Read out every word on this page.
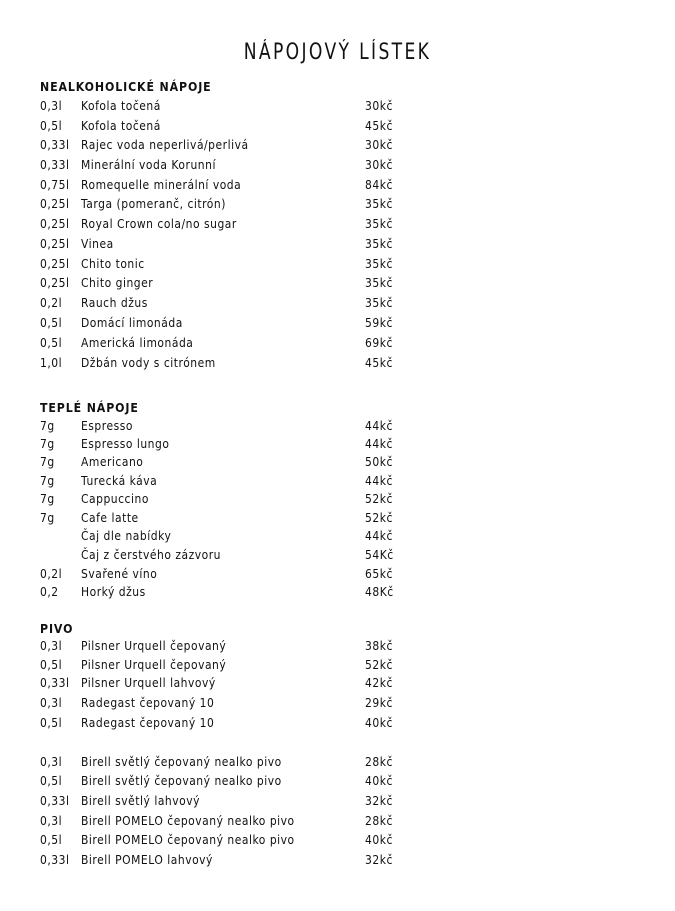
NÁPOJOVÝ LÍSTEK
NEALKOHOLICKÉ NÁPOJE
0,3l Kofola točená	30kč
0,5l Kofola točená	45kč
0,33l Rajec voda neperlivá/perlivá	30kč
0,33l Minerální voda Korunní	30kč
0,75l Romequelle minerální voda	84kč
0,25l Targa (pomeranč, citrón)	35kč
0,25l Royal Crown cola/no sugar	35kč
0,25l Vinea	35kč
0,25l Chito tonic	35kč
0,25l Chito ginger	35kč
0,2l Rauch džus	35kč
0,5l Domácí limonáda	59kč
0,5l Americká limonáda	69kč
1,0l Džbán vody s citrónem	45kč
TEPLÉ NÁPOJE
7g Espresso	44kč
7g Espresso lungo	44kč
7g Americano	50kč
7g Turecká káva	44kč
7g Cappuccino	52kč
7g Cafe latte	52kč
Čaj dle nabídky	44kč
Čaj z čerstvého zázvoru	54Kč
0,2l Svařené víno	65kč
0,2 Horký džus	48Kč
PIVO
0,3l Pilsner Urquell čepovaný	38kč
0,5l Pilsner Urquell čepovaný	52kč
0,33l Pilsner Urquell lahvový	42kč
0,3l Radegast čepovaný 10	29kč
0,5l Radegast čepovaný 10	40kč
0,3l Birell světlý čepovaný nealko pivo	28kč
0,5l Birell světlý čepovaný nealko pivo	40kč
0,33l Birell světlý lahvový	32kč
0,3l Birell POMELO čepovaný nealko pivo	28kč
0,5l Birell POMELO čepovaný nealko pivo	40kč
0,33l Birell POMELO lahvový	32kč
